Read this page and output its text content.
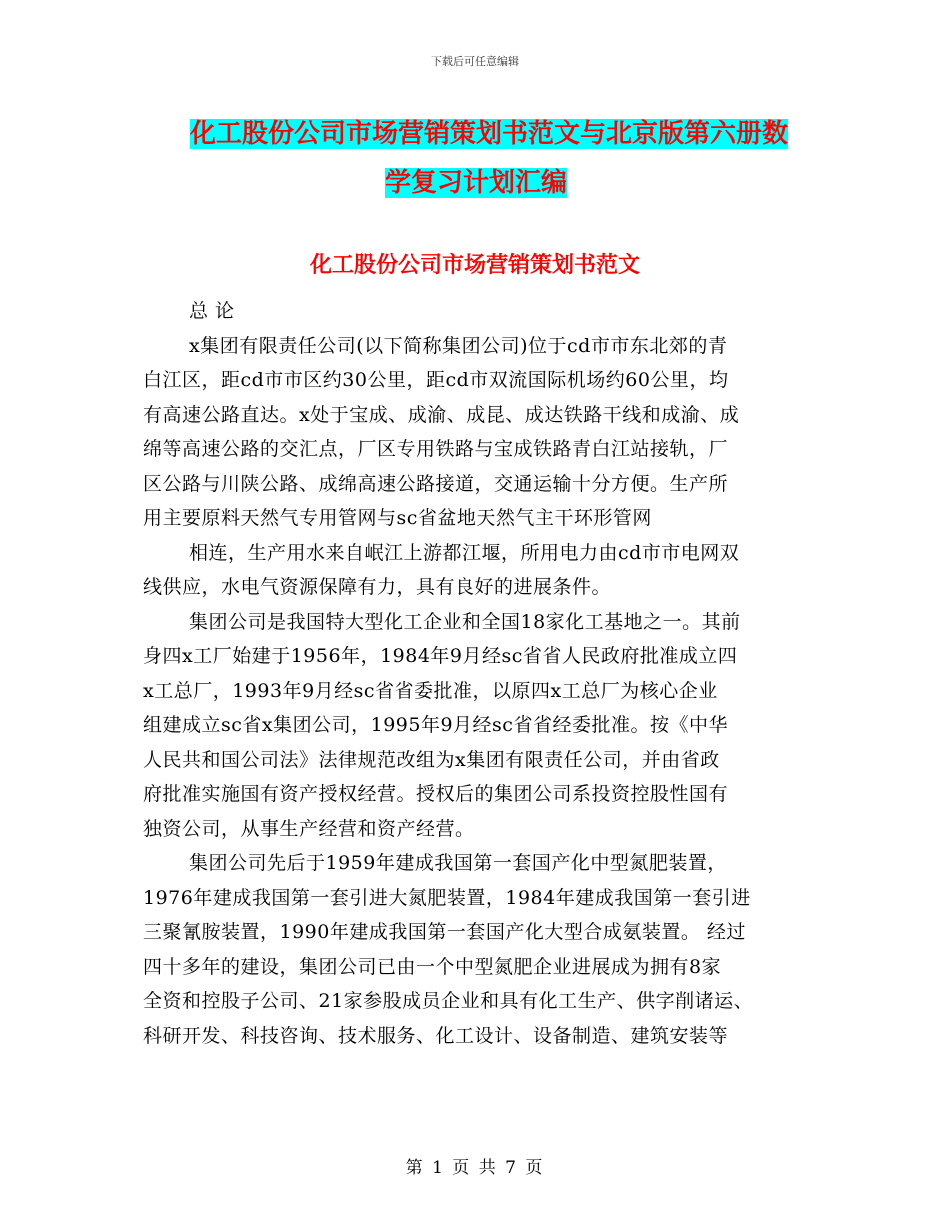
下载后可任意编辑
化工股份公司市场营销策划书范文与北京版第六册数
学复习计划汇编
化工股份公司市场营销策划书范文

总 论

x集团有限责任公司(以下简称集团公司)位于cd市市东北郊的青
白江区，距cd市市区约30公里，距cd市双流国际机场约60公里，均
有高速公路直达。x处于宝成、成渝、成昆、成达铁路干线和成渝、成
绵等高速公路的交汇点，厂区专用铁路与宝成铁路青白江站接轨，厂
区公路与川陕公路、成绵高速公路接道，交通运输十分方便。生产所
用主要原料天然气专用管网与sc省盆地天然气主干环形管网

相连，生产用水来自岷江上游都江堰，所用电力由cd市市电网双
线供应，水电气资源保障有力，具有良好的进展条件。

集团公司是我国特大型化工企业和全国18家化工基地之一。其前
身四x工厂始建于1956年，1984年9月经sc省省人民政府批准成立四
x工总厂，1993年9月经sc省省委批准，以原四x工总厂为核心企业
组建成立sc省x集团公司，1995年9月经sc省省经委批准。按《中华
人民共和国公司法》法律规范改组为x集团有限责任公司，并由省政
府批准实施国有资产授权经营。授权后的集团公司系投资控股性国有
独资公司，从事生产经营和资产经营。

集团公司先后于1959年建成我国第一套国产化中型氮肥装置，
1976年建成我国第一套引进大氮肥装置，1984年建成我国第一套引进
三聚氰胺装置，1990年建成我国第一套国产化大型合成氨装置。 经过
四十多年的建设，集团公司已由一个中型氮肥企业进展成为拥有8家
全资和控股子公司、21家参股成员企业和具有化工生产、供字削诸运、
科研开发、科技咨询、技术服务、化工设计、设备制造、建筑安装等

第 1 页 共 7 页
